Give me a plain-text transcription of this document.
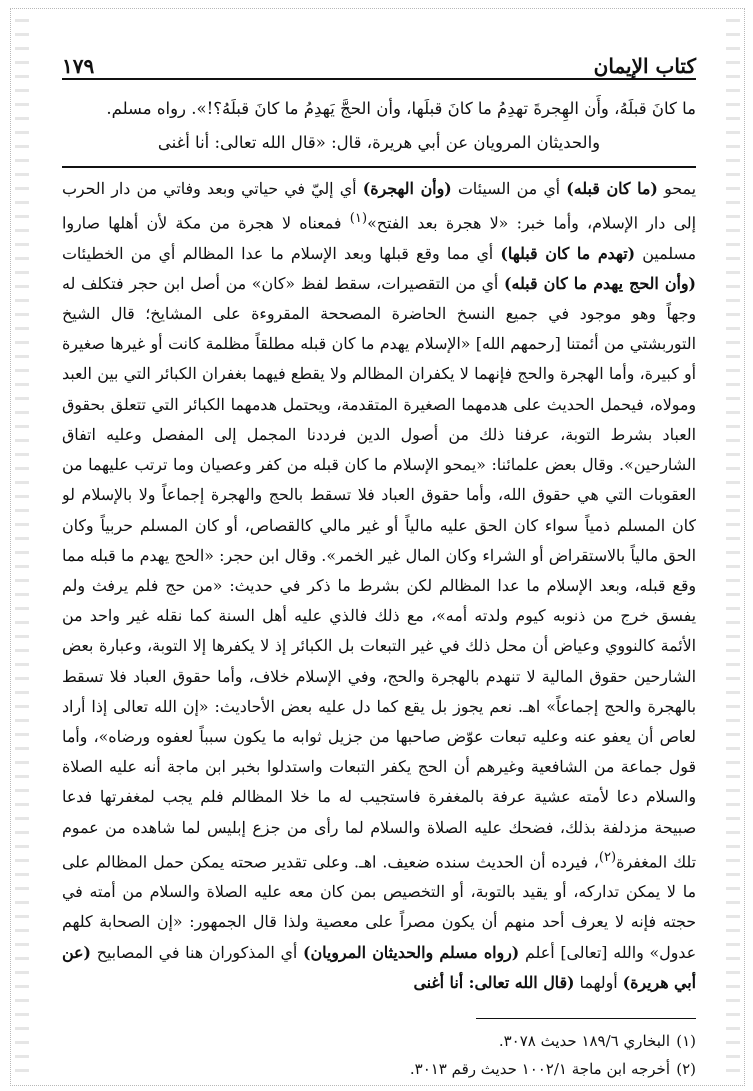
كتاب الإيمان
١٧٩

ما كانَ قبلَهُ، وأَن الهِجرةَ تهدِمُ ما كانَ قبلَها، وأن الحجَّ يَهدِمُ ما كانَ قبلَهُ؟!». رواه مسلم.

والحديثان المرويان عن أبي هريرة، قال: «قال الله تعالى: أنا أغنى

يمحو (ما كان قبله) أي من السيئات (وأن الهجرة) أي إليّ في حياتي وبعد وفاتي من دار الحرب إلى دار الإسلام، وأما خبر: «لا هجرة بعد الفتح»$^{(١)}$ فمعناه لا هجرة من مكة لأن أهلها صاروا مسلمين (تهدم ما كان قبلها) أي مما وقع قبلها وبعد الإسلام ما عدا المظالم أي من الخطيئات (وأن الحج يهدم ما كان قبله) أي من التقصيرات، سقط لفظ «كان» من أصل ابن حجر فتكلف له وجهاً وهو موجود في جميع النسخ الحاضرة المصححة المقروءة على المشايخ؛ قال الشيخ التوربشتي من أئمتنا [رحمهم الله] «الإسلام يهدم ما كان قبله مطلقاً مظلمة كانت أو غيرها صغيرة أو كبيرة، وأما الهجرة والحج فإنهما لا يكفران المظالم ولا يقطع فيهما بغفران الكبائر التي بين العبد ومولاه، فيحمل الحديث على هدمهما الصغيرة المتقدمة، ويحتمل هدمهما الكبائر التي تتعلق بحقوق العباد بشرط التوبة، عرفنا ذلك من أصول الدين فرددنا المجمل إلى المفصل وعليه اتفاق الشارحين». وقال بعض علمائنا: «يمحو الإسلام ما كان قبله من كفر وعصيان وما ترتب عليهما من العقوبات التي هي حقوق الله، وأما حقوق العباد فلا تسقط بالحج والهجرة إجماعاً ولا بالإسلام لو كان المسلم ذمياً سواء كان الحق عليه مالياً أو غير مالي كالقصاص، أو كان المسلم حربياً وكان الحق مالياً بالاستقراض أو الشراء وكان المال غير الخمر». وقال ابن حجر: «الحج يهدم ما قبله مما وقع قبله، وبعد الإسلام ما عدا المظالم لكن بشرط ما ذكر في حديث: «من حج فلم يرفث ولم يفسق خرج من ذنوبه كيوم ولدته أمه»، مع ذلك فالذي عليه أهل السنة كما نقله غير واحد من الأئمة كالنووي وعياض أن محل ذلك في غير التبعات بل الكبائر إذ لا يكفرها إلا التوبة، وعبارة بعض الشارحين حقوق المالية لا تنهدم بالهجرة والحج، وفي الإسلام خلاف، وأما حقوق العباد فلا تسقط بالهجرة والحج إجماعاً» اهـ. نعم يجوز بل يقع كما دل عليه بعض الأحاديث: «إن الله تعالى إذا أراد لعاص أن يعفو عنه وعليه تبعات عوّض صاحبها من جزيل ثوابه ما يكون سبباً لعفوه ورضاه»، وأما قول جماعة من الشافعية وغيرهم أن الحج يكفر التبعات واستدلوا بخبر ابن ماجة أنه عليه الصلاة والسلام دعا لأمته عشية عرفة بالمغفرة فاستجيب له ما خلا المظالم فلم يجب لمغفرتها فدعا صبيحة مزدلفة بذلك، فضحك عليه الصلاة والسلام لما رأى من جزع إبليس لما شاهده من عموم تلك المغفرة$^{(٢)}$، فيرده أن الحديث سنده ضعيف. اهـ. وعلى تقدير صحته يمكن حمل المظالم على ما لا يمكن تداركه، أو يقيد بالتوبة، أو التخصيص بمن كان معه عليه الصلاة والسلام من أمته في حجته فإنه لا يعرف أحد منهم أن يكون مصراً على معصية ولذا قال الجمهور: «إن الصحابة كلهم عدول» والله [تعالى] أعلم (رواه مسلم والحديثان المرويان) أي المذكوران هنا في المصابيح (عن أبي هريرة) أولهما (قال الله تعالى: أنا أغنى

(١)البخاري ١٨٩/٦ حديث ٣٠٧٨.
(٢)أخرجه ابن ماجة ١٠٠٢/١ حديث رقم ٣٠١٣.
